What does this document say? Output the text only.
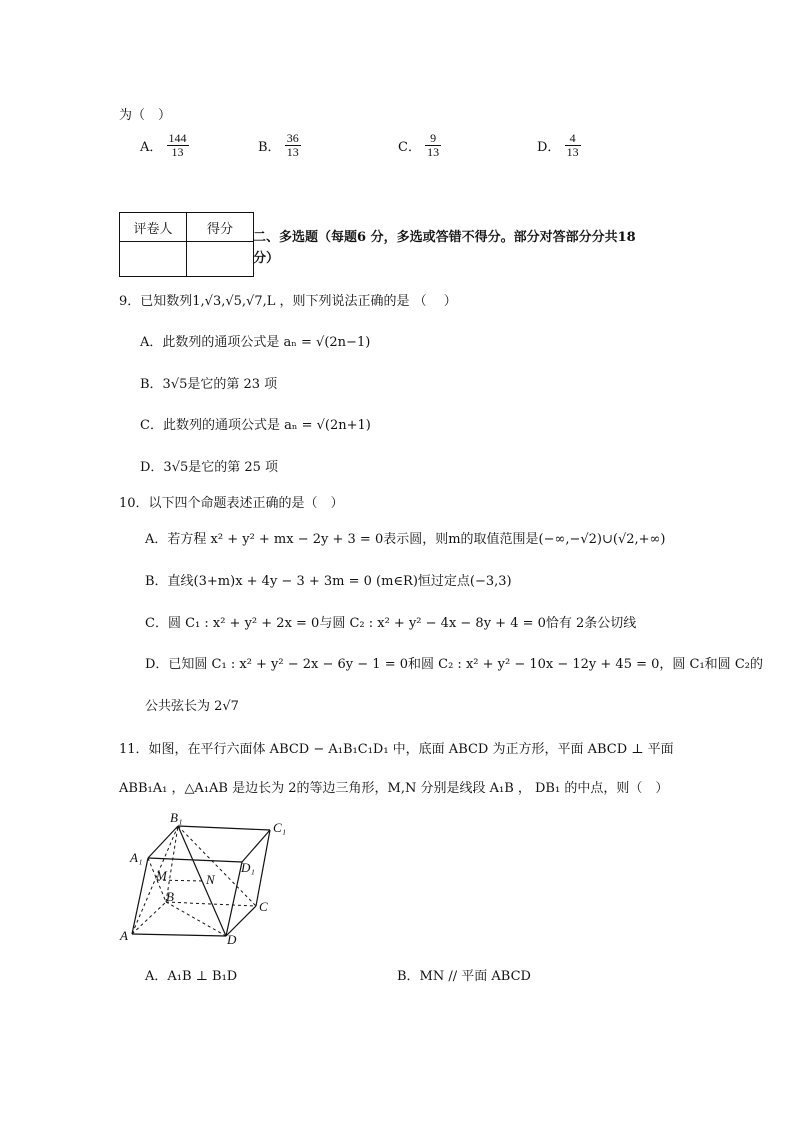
为（　）
A． $\frac{144}{13}$	B． $\frac{36}{13}$	C． $\frac{9}{13}$	D． $\frac{4}{13}$
评卷人	得分

二、多选题（每题6 分，多选或答错不得分。部分对答部分分共18
分）
9．已知数列1,√3,√5,√7,L ，则下列说法正确的是 （　 ）
A．此数列的通项公式是 aₙ = √(2n−1)
B．3√5是它的第 23 项
C．此数列的通项公式是 aₙ = √(2n+1)
D．3√5是它的第 25 项
10．以下四个命题表述正确的是（　）
A．若方程 x² + y² + mx − 2y + 3 = 0表示圆，则m的取值范围是(−∞,−√2)∪(√2,+∞)
B．直线(3+m)x + 4y − 3 + 3m = 0 (m∈R)恒过定点(−3,3)
C．圆 C₁ : x² + y² + 2x = 0与圆 C₂ : x² + y² − 4x − 8y + 4 = 0恰有 2条公切线
D．已知圆 C₁ : x² + y² − 2x − 6y − 1 = 0和圆 C₂ : x² + y² − 10x − 12y + 45 = 0，圆 C₁和圆 C₂的
公共弦长为 2√7
11．如图，在平行六面体 ABCD − A₁B₁C₁D₁ 中，底面 ABCD 为正方形，平面 ABCD ⊥ 平面
ABB₁A₁ ，△A₁AB 是边长为 2的等边三角形，M,N 分别是线段 A₁B ， DB₁ 的中点，则（　）
B₁
C₁
A₁
D₁
M	N
B
C
A	D
A．A₁B ⊥ B₁D	B．MN // 平面 ABCD
